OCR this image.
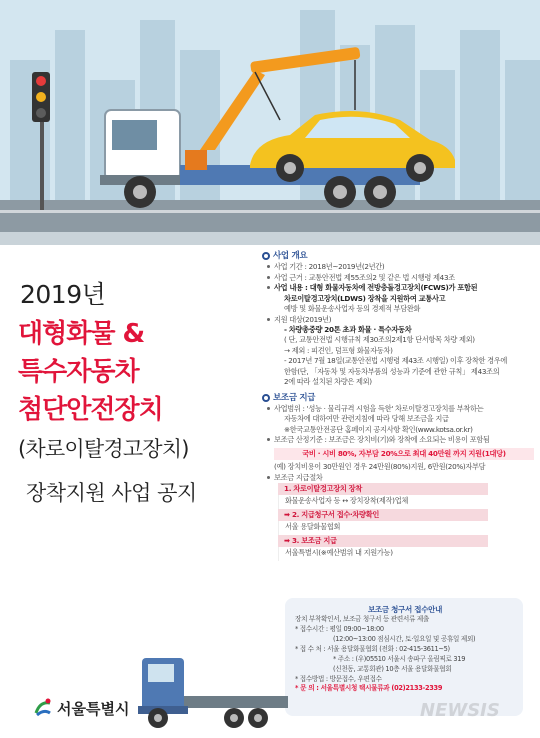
2019년
대형화물 &
특수자동차
첨단안전장치
(차로이탈경고장치)
장착지원 사업 공지
서울특별시
사업 개요
사업 기간 : 2018년~2019년(2년간)
사업 근거 : 교통안전법 제55조의2 및 같은 법 시행령 제43조
사업 내용 : 대형 화물자동차에 전방충돌경고장치(FCWS)가 포함된
차로이탈경고장치(LDWS) 장착을 지원하여 교통사고
예방 및 화물운송사업자 등의 경제적 부담완화
지원 대상(2019년)
- 차량총중량 20톤 초과 화물 · 특수자동차
( 단, 교통안전법 시행규칙 제30조의2제1항 단서항목 차량 제외)
→ 제외 : 피견인, 덤프형 화물자동차)
- 2017년 7월 18일(교통안전법 시행령 제43조 시행일) 이후 장착한 경우에
한함(단, 「자동차 및 자동차부품의 성능과 기준에 관한 규칙」 제43조의
2에 따라 설치된 차량은 제외)
보조금 지급
사업범위 : '성능 · 물리규격 시험을 득한' 차로이탈경고장치를 부착하는
자동차에 대하여만 관련지침에 따라 당해 보조금을 지급
※한국교통안전공단 홈페이지 공지사항 확인(www.kotsa.or.kr)
보조금 산정기준 : 보조금은 장치비(기)와 장착에 소요되는 비용이 포함됨
국비 · 시비 80%, 자부담 20%으로 최대 40만원 까지 지원(1대당)
(예) 장치비용이 30만원인 경우 24만원(80%)지원, 6만원(20%)자부담
보조금 지급절차
1. 차로이탈경고장치 장착
화물운송사업자 등 ↔ 장치장착(제작)업체
➡ 2. 지급청구서 접수·차량확인
서울 용달화물협회
➡ 3. 보조금 지급
서울특별시(※예산범위 내 지원가능)
보조금 청구서 접수안내
장치 부착확인서, 보조금 청구서 등 관련서류 제출
* 접수시간 : 평일 09:00~18:00
(12:00~13:00 점심시간, 토·일요일 및 공휴일 제외)
* 접 수 처 : 서울 용달화물협회 (전화 : 02-415-3611~5)
* 주소 : (우)05510 서울시 송파구 올림픽로 319
(신천동, 교통회관) 10층 서울 용달화물협회
* 접수방법 : 방문접수, 우편접수
* 문 의 : 서울특별시청 택시물류과 (02)2133-2339
NEWSIS
